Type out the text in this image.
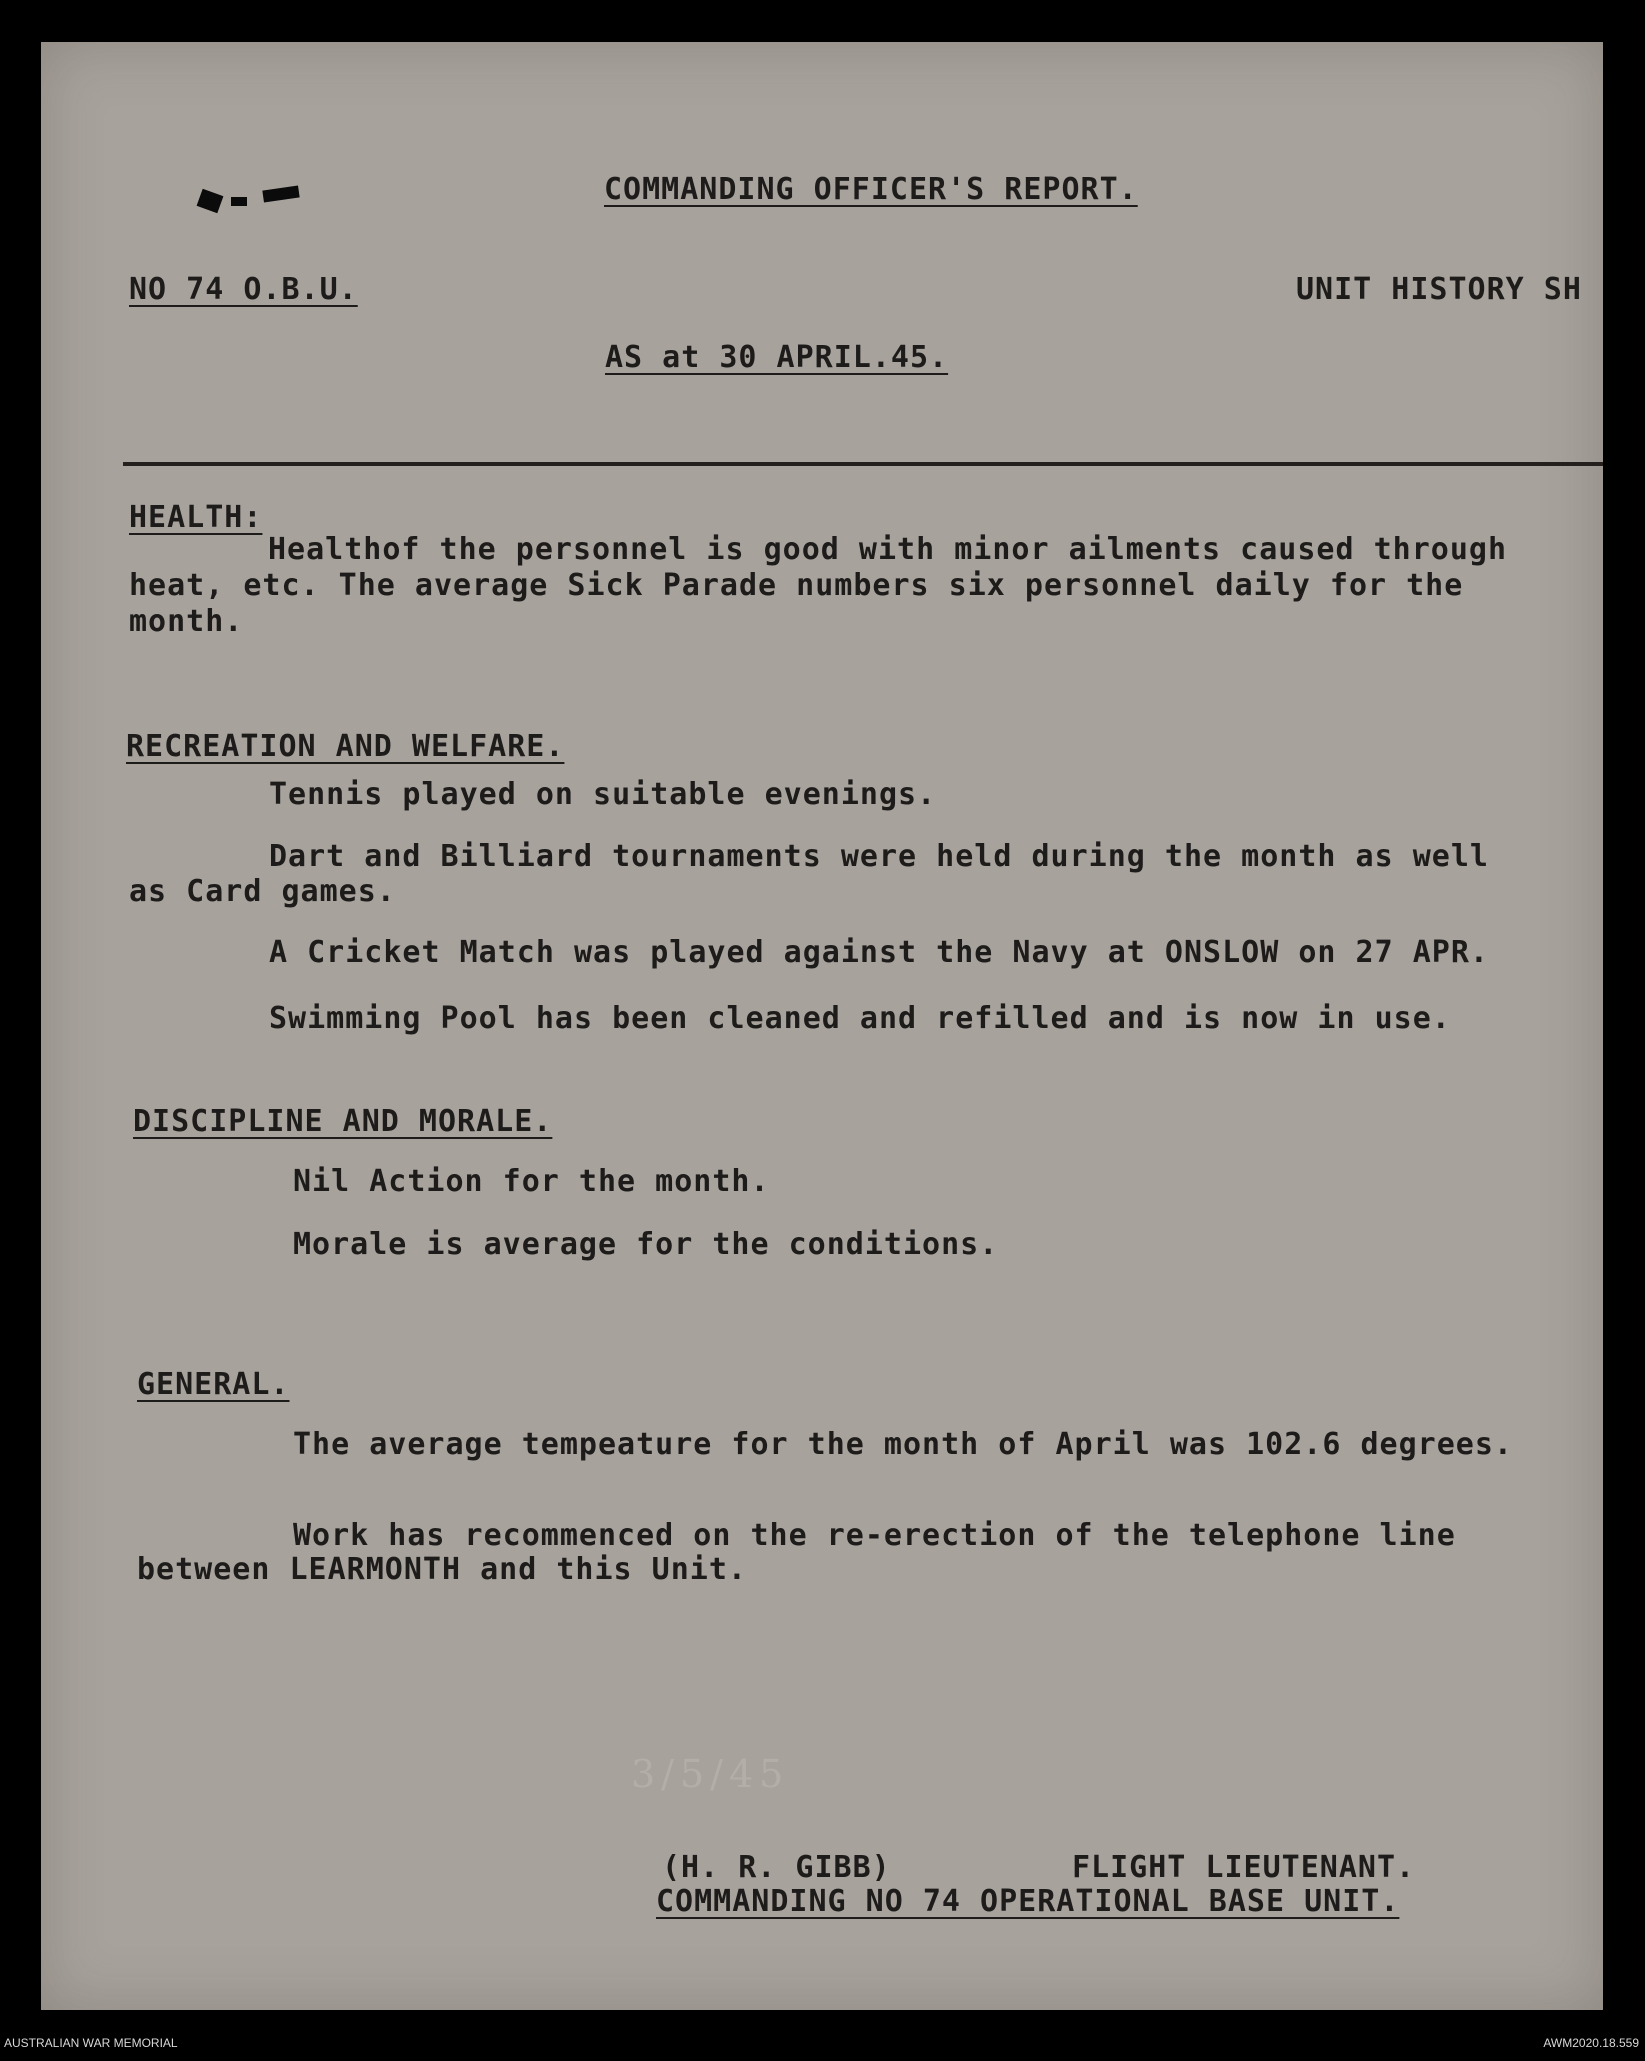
COMMANDING OFFICER'S REPORT.
NO 74 O.B.U.	UNIT HISTORY SH
AS at 30 APRIL.45.
HEALTH:
Healthof the personnel is good with minor ailments caused through
heat, etc. The average Sick Parade numbers six personnel daily for the
month.
RECREATION AND WELFARE.
Tennis played on suitable evenings.
Dart and Billiard tournaments were held during the month as well
as Card games.
A Cricket Match was played against the Navy at ONSLOW on 27 APR.
Swimming Pool has been cleaned and refilled and is now in use.
DISCIPLINE AND MORALE.
Nil Action for the month.
Morale is average for the conditions.
GENERAL.
The average tempeature for the month of April was 102.6 degrees.
Work has recommenced on the re-erection of the telephone line
between LEARMONTH and this Unit.
3/5/45
(H. R. GIBB)	FLIGHT LIEUTENANT.
COMMANDING NO 74 OPERATIONAL BASE UNIT.
AUSTRALIAN WAR MEMORIAL	AWM2020.18.559
